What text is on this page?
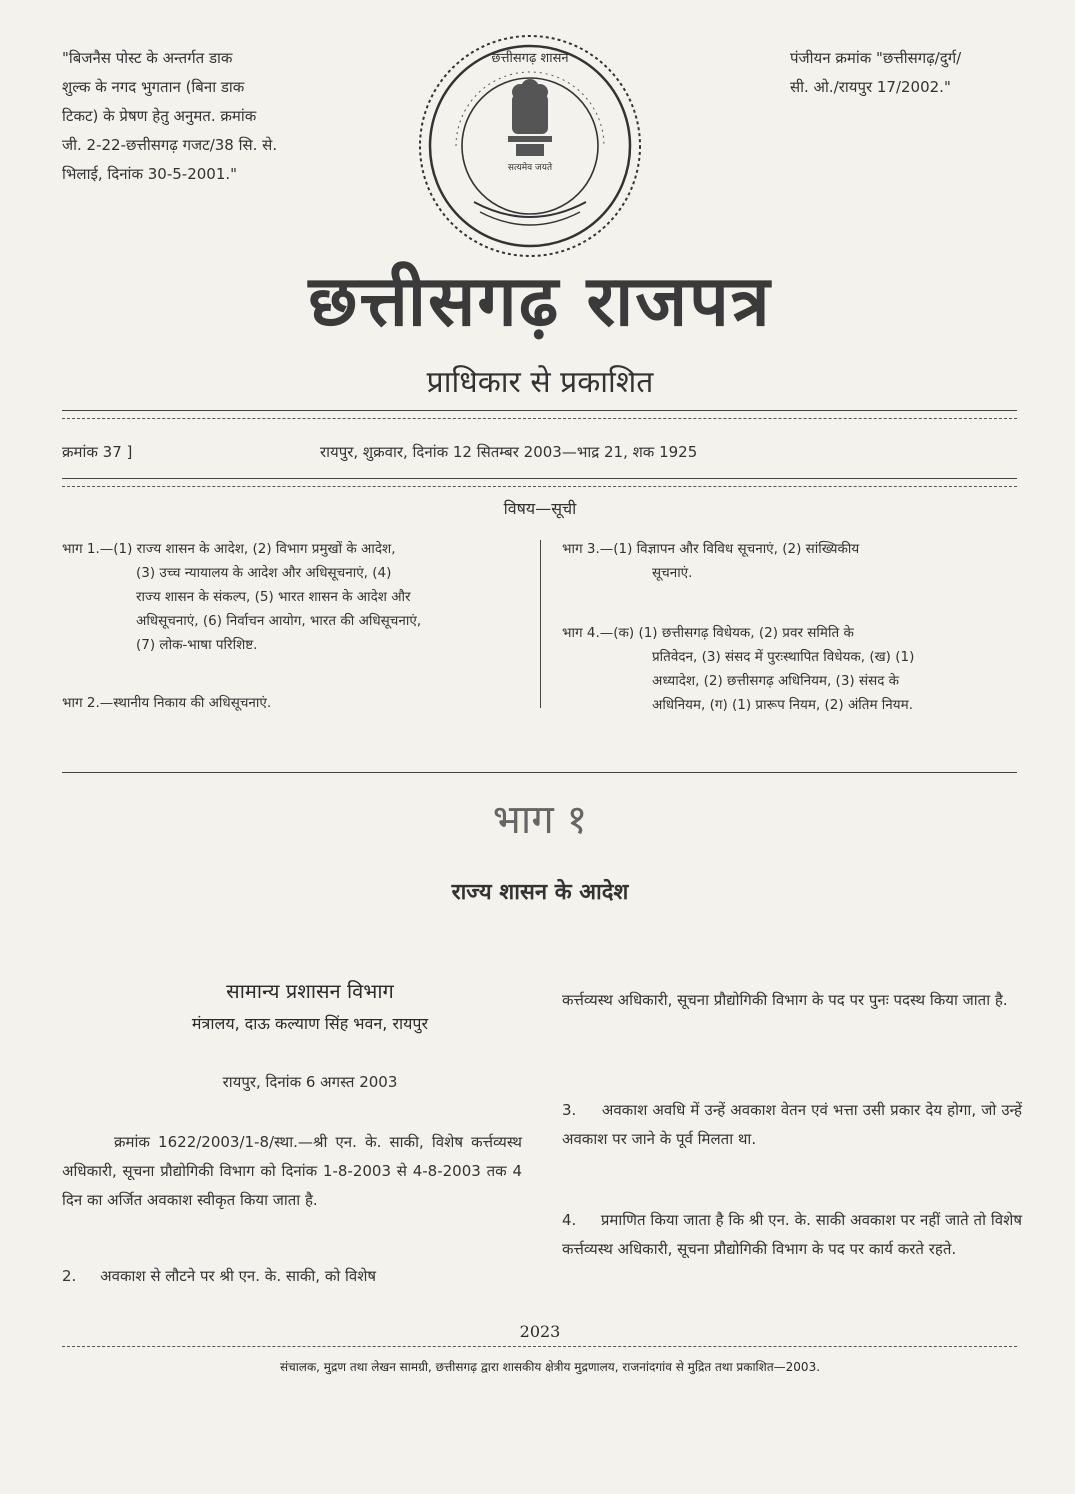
"बिजनैस पोस्ट के अन्तर्गत डाक
शुल्क के नगद भुगतान (बिना डाक
टिकट) के प्रेषण हेतु अनुमत. क्रमांक
जी. 2-22-छत्तीसगढ़ गजट/38 सि. से.
भिलाई, दिनांक 30-5-2001."
पंजीयन क्रमांक "छत्तीसगढ़/दुर्ग/
सी. ओ./रायपुर 17/2002."
सत्यमेव जयते
छत्तीसगढ़ शासन
छत्तीसगढ़ राजपत्र
प्राधिकार से प्रकाशित
क्रमांक 37 ]	रायपुर, शुक्रवार, दिनांक 12 सितम्बर 2003—भाद्र 21, शक 1925
विषय—सूची
भाग 1.—(1) राज्य शासन के आदेश, (2) विभाग प्रमुखों के आदेश,
(3) उच्च न्यायालय के आदेश और अधिसूचनाएं, (4)
राज्य शासन के संकल्प, (5) भारत शासन के आदेश और
अधिसूचनाएं, (6) निर्वाचन आयोग, भारत की अधिसूचनाएं,
(7) लोक-भाषा परिशिष्ट.
भाग 2.—स्थानीय निकाय की अधिसूचनाएं.
भाग 3.—(1) विज्ञापन और विविध सूचनाएं, (2) सांख्यिकीय
सूचनाएं.
भाग 4.—(क) (1) छत्तीसगढ़ विधेयक, (2) प्रवर समिति के
प्रतिवेदन, (3) संसद में पुरःस्थापित विधेयक, (ख) (1)
अध्यादेश, (2) छत्तीसगढ़ अधिनियम, (3) संसद के
अधिनियम, (ग) (1) प्रारूप नियम, (2) अंतिम नियम.
भाग १
राज्य शासन के आदेश
सामान्य प्रशासन विभाग
मंत्रालय, दाऊ कल्याण सिंह भवन, रायपुर
रायपुर, दिनांक 6 अगस्त 2003
क्रमांक 1622/2003/1-8/स्था.—श्री एन. के. साकी, विशेष कर्त्तव्यस्थ अधिकारी, सूचना प्रौद्योगिकी विभाग को दिनांक 1-8-2003 से 4-8-2003 तक 4 दिन का अर्जित अवकाश स्वीकृत किया जाता है.
2.     अवकाश से लौटने पर श्री एन. के. साकी, को विशेष
कर्त्तव्यस्थ अधिकारी, सूचना प्रौद्योगिकी विभाग के पद पर पुनः पदस्थ किया जाता है.
3.     अवकाश अवधि में उन्हें अवकाश वेतन एवं भत्ता उसी प्रकार देय होगा, जो उन्हें अवकाश पर जाने के पूर्व मिलता था.
4.     प्रमाणित किया जाता है कि श्री एन. के. साकी अवकाश पर नहीं जाते तो विशेष कर्त्तव्यस्थ अधिकारी, सूचना प्रौद्योगिकी विभाग के पद पर कार्य करते रहते.
2023
संचालक, मुद्रण तथा लेखन सामग्री, छत्तीसगढ़ द्वारा शासकीय क्षेत्रीय मुद्रणालय, राजनांदगांव से मुद्रित तथा प्रकाशित—2003.
